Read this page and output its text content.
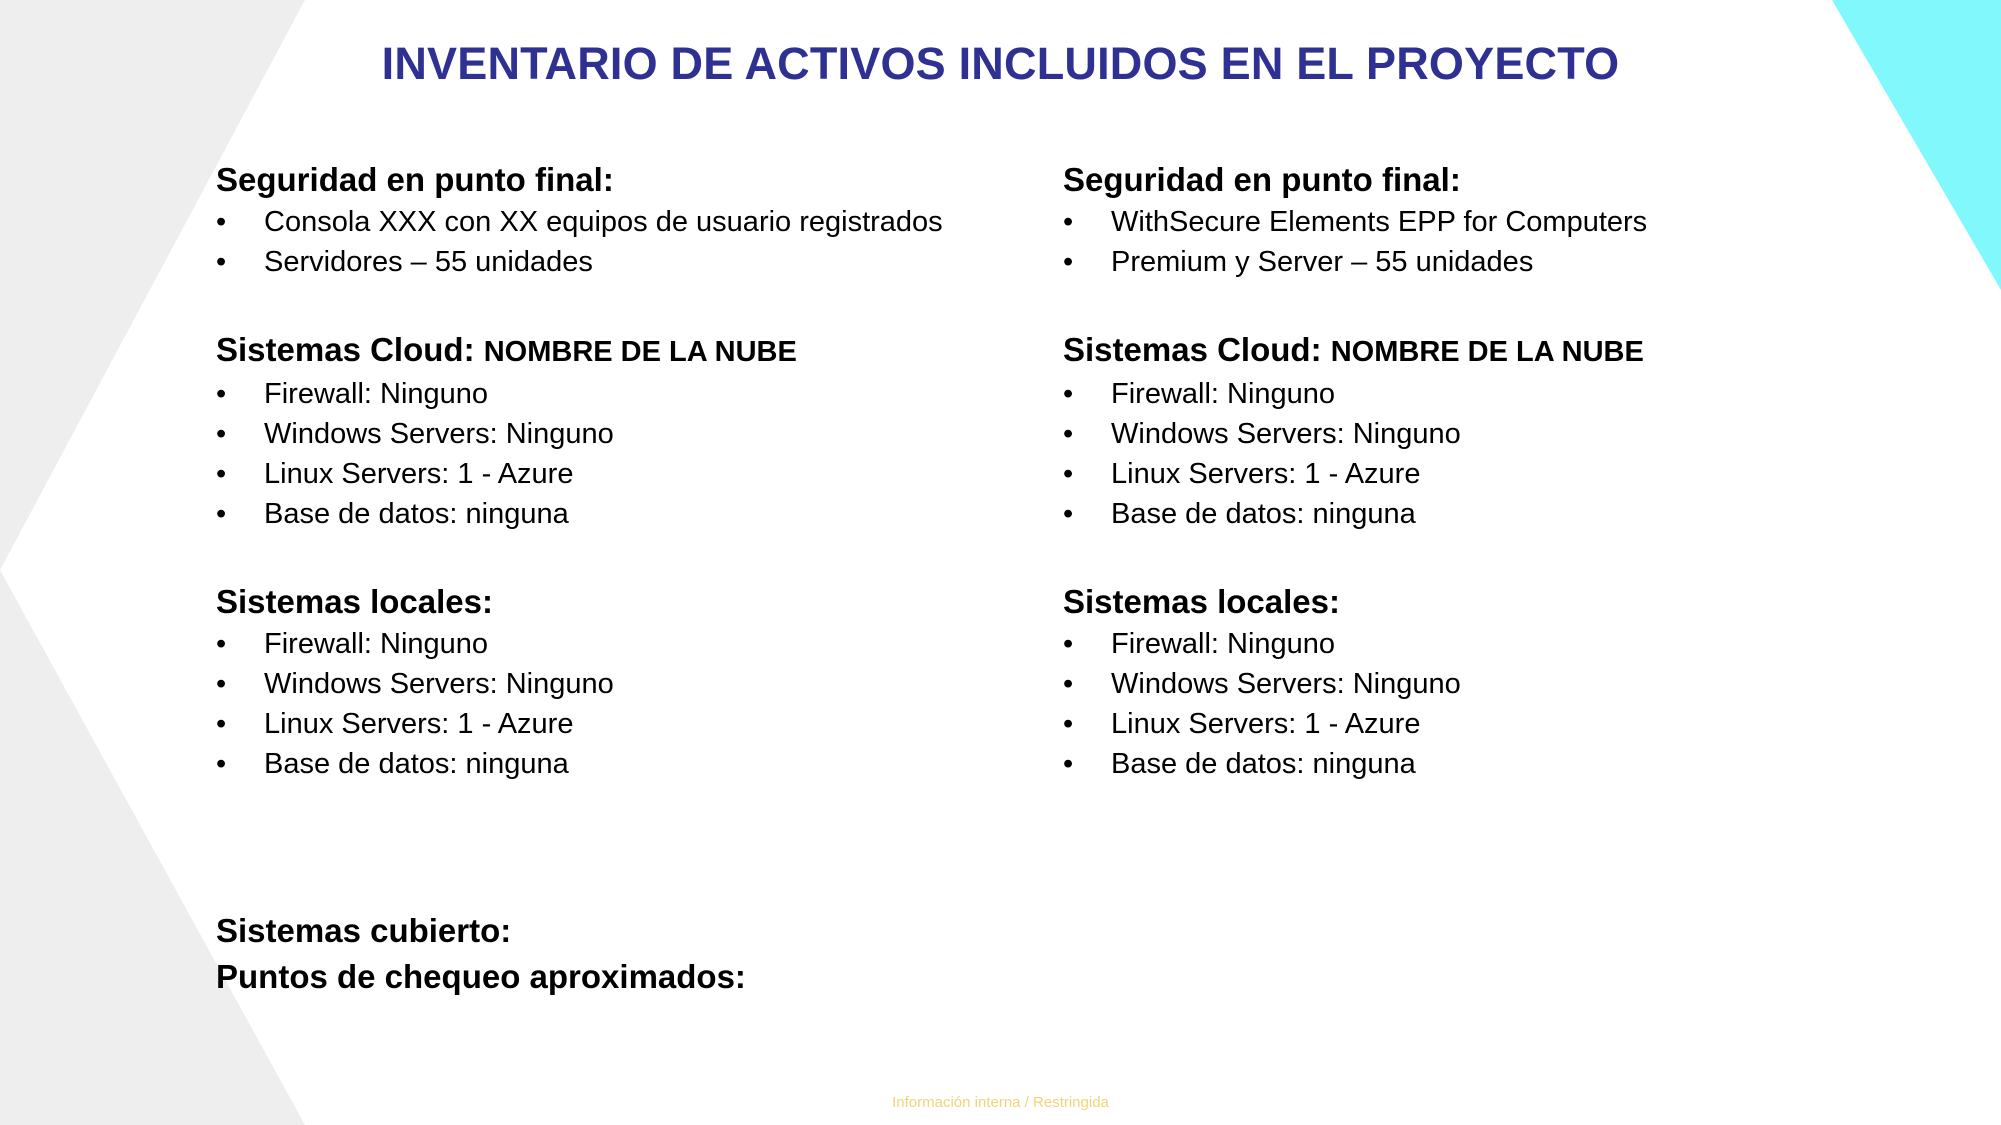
INVENTARIO DE ACTIVOS INCLUIDOS EN EL PROYECTO
Seguridad en punto final:
• Consola XXX con XX equipos de usuario registrados
• Servidores – 55 unidades
Sistemas Cloud: NOMBRE DE LA NUBE
• Firewall: Ninguno
• Windows Servers: Ninguno
• Linux Servers: 1 - Azure
• Base de datos: ninguna
Sistemas locales:
• Firewall: Ninguno
• Windows Servers: Ninguno
• Linux Servers: 1 - Azure
• Base de datos: ninguna
Seguridad en punto final:
• WithSecure Elements EPP for Computers
• Premium y Server – 55 unidades
Sistemas Cloud: NOMBRE DE LA NUBE
• Firewall: Ninguno
• Windows Servers: Ninguno
• Linux Servers: 1 - Azure
• Base de datos: ninguna
Sistemas locales:
• Firewall: Ninguno
• Windows Servers: Ninguno
• Linux Servers: 1 - Azure
• Base de datos: ninguna
Sistemas cubierto:
Puntos de chequeo aproximados:
Información interna / Restringida
